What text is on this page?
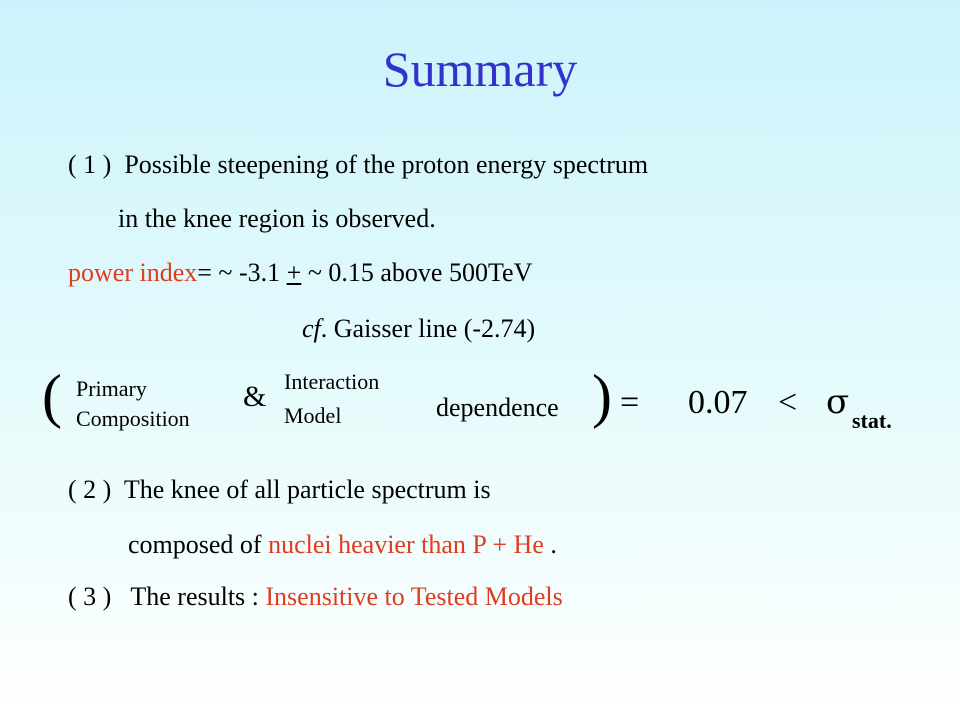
Summary
( 1 ) Possible steepening of the proton energy spectrum
in the knee region is observed.
power index= ~ -3.1 + ~ 0.15 above 500TeV
cf. Gaisser line (-2.74)
( Primary
Composition
& Interaction
Model	dependence ) = 0.07 < σ stat.
( 2 ) The knee of all particle spectrum is
composed of nuclei heavier than P + He .
( 3 ) The results : Insensitive to Tested Models
